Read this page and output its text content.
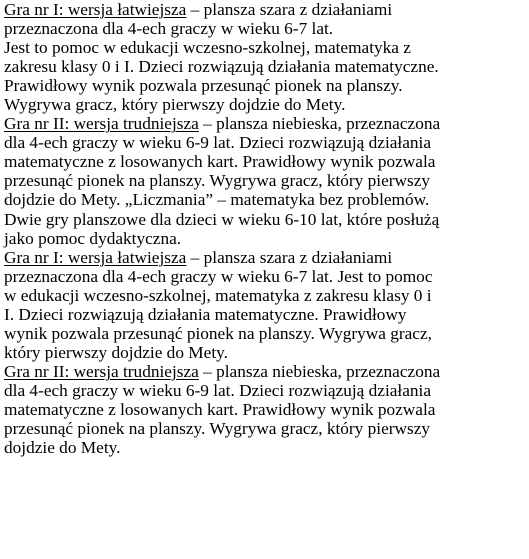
Gra nr I: wersja łatwiejsza – plansza szara z działaniami
przeznaczona dla 4-ech graczy w wieku 6-7 lat.
Jest to pomoc w edukacji wczesno-szkolnej, matematyka z
zakresu klasy 0 i I. Dzieci rozwiązują działania matematyczne.
Prawidłowy wynik pozwala przesunąć pionek na planszy.
Wygrywa gracz, który pierwszy dojdzie do Mety.
Gra nr II: wersja trudniejsza – plansza niebieska, przeznaczona
dla 4-ech graczy w wieku 6-9 lat. Dzieci rozwiązują działania
matematyczne z losowanych kart. Prawidłowy wynik pozwala
przesunąć pionek na planszy. Wygrywa gracz, który pierwszy
dojdzie do Mety. „Liczmania” – matematyka bez problemów.
Dwie gry planszowe dla dzieci w wieku 6-10 lat, które posłużą
jako pomoc dydaktyczna.
Gra nr I: wersja łatwiejsza – plansza szara z działaniami
przeznaczona dla 4-ech graczy w wieku 6-7 lat. Jest to pomoc
w edukacji wczesno-szkolnej, matematyka z zakresu klasy 0 i
I. Dzieci rozwiązują działania matematyczne. Prawidłowy
wynik pozwala przesunąć pionek na planszy. Wygrywa gracz,
który pierwszy dojdzie do Mety.
Gra nr II: wersja trudniejsza – plansza niebieska, przeznaczona
dla 4-ech graczy w wieku 6-9 lat. Dzieci rozwiązują działania
matematyczne z losowanych kart. Prawidłowy wynik pozwala
przesunąć pionek na planszy. Wygrywa gracz, który pierwszy
dojdzie do Mety.
